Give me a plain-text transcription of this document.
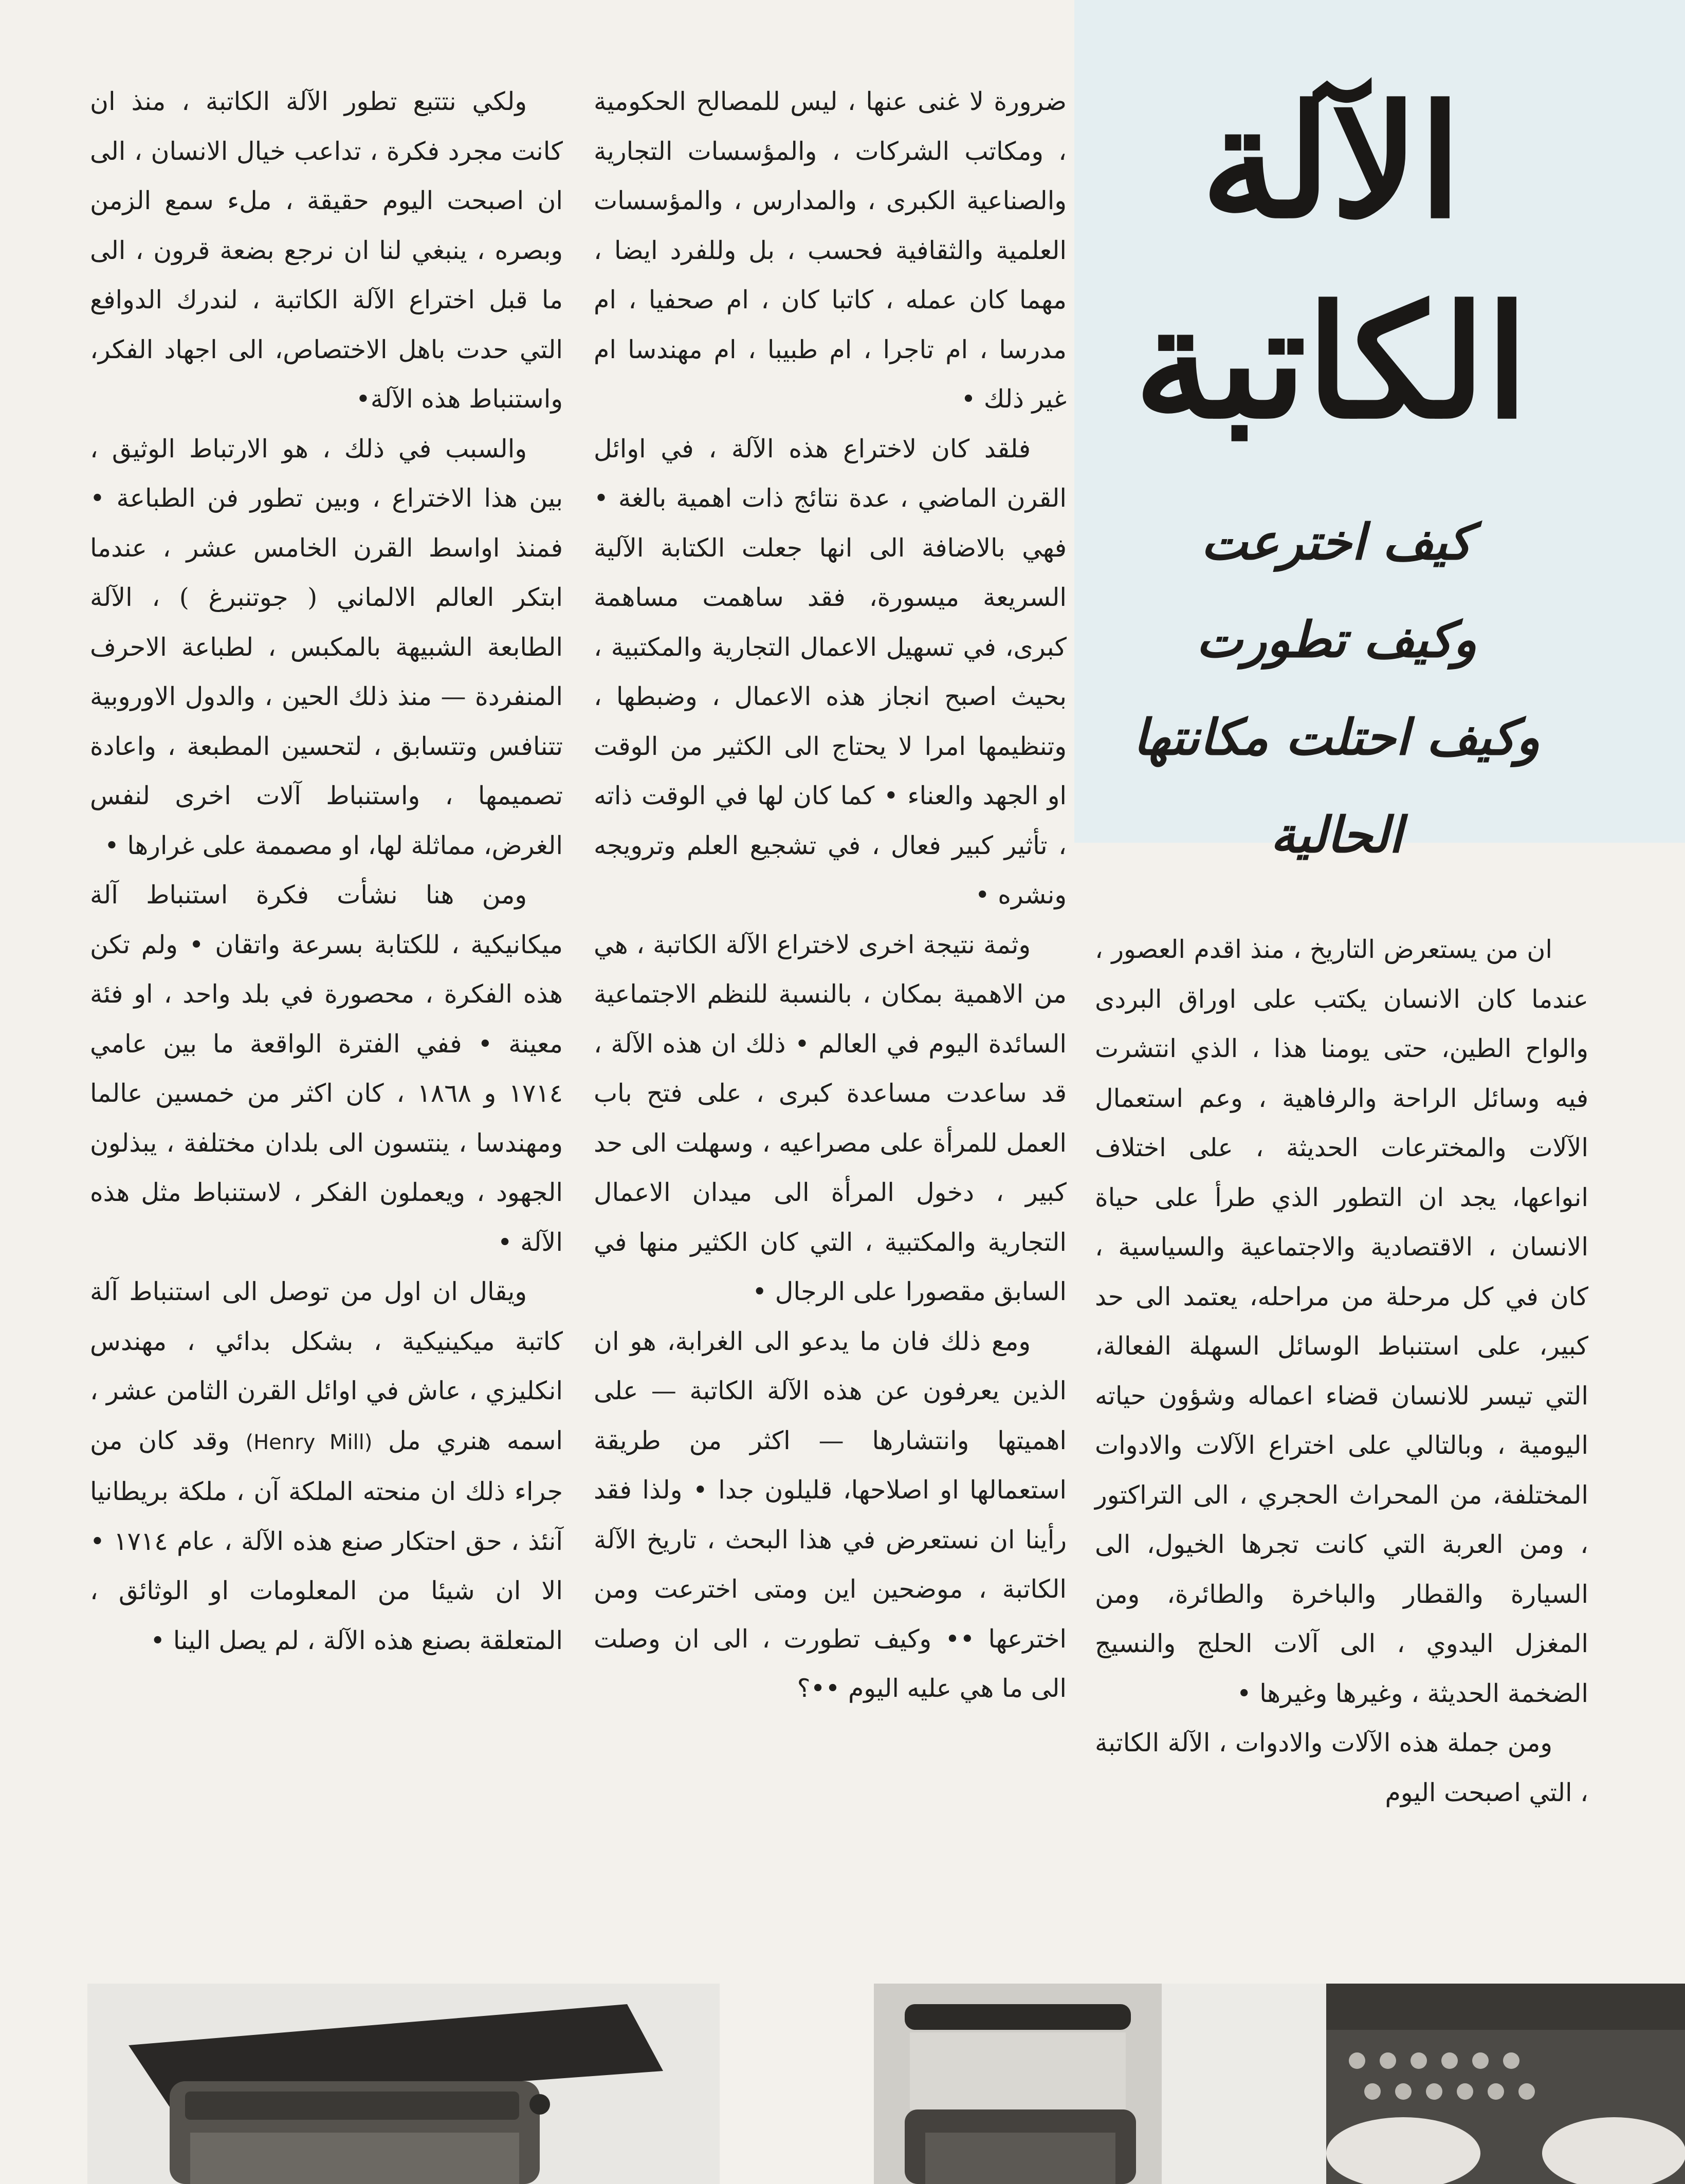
الآلة
الكاتبة
كيف اخترعت
وكيف تطورت
وكيف احتلت مكانتها الحالية

ان من يستعرض التاريخ ، منذ اقدم العصور ، عندما كان الانسان يكتب على اوراق البردى والواح الطين، حتى يومنا هذا ، الذي انتشرت فيه وسائل الراحة والرفاهية ، وعم استعمال الآلات والمخترعات الحديثة ، على اختلاف انواعها، يجد ان التطور الذي طرأ على حياة الانسان ، الاقتصادية والاجتماعية والسياسية ، كان في كل مرحلة من مراحله، يعتمد الى حد كبير، على استنباط الوسائل السهلة الفعالة، التي تيسر للانسان قضاء اعماله وشؤون حياته اليومية ، وبالتالي على اختراع الآلات والادوات المختلفة، من المحراث الحجري ، الى التراكتور ، ومن العربة التي كانت تجرها الخيول، الى السيارة والقطار والباخرة والطائرة، ومن المغزل اليدوي ، الى آلات الحلج والنسيج الضخمة الحديثة ، وغيرها وغيرها •

ومن جملة هذه الآلات والادوات ، الآلة الكاتبة ، التي اصبحت اليوم

ضرورة لا غنى عنها ، ليس للمصالح الحكومية ، ومكاتب الشركات ، والمؤسسات التجارية والصناعية الكبرى ، والمدارس ، والمؤسسات العلمية والثقافية فحسب ، بل وللفرد ايضا ، مهما كان عمله ، كاتبا كان ، ام صحفيا ، ام مدرسا ، ام تاجرا ، ام طبيبا ، ام مهندسا ام غير ذلك •

فلقد كان لاختراع هذه الآلة ، في اوائل القرن الماضي ، عدة نتائج ذات اهمية بالغة • فهي بالاضافة الى انها جعلت الكتابة الآلية السريعة ميسورة، فقد ساهمت مساهمة كبرى، في تسهيل الاعمال التجارية والمكتبية ، بحيث اصبح انجاز هذه الاعمال ، وضبطها ، وتنظيمها امرا لا يحتاج الى الكثير من الوقت او الجهد والعناء • كما كان لها في الوقت ذاته ، تأثير كبير فعال ، في تشجيع العلم وترويجه ونشره •

وثمة نتيجة اخرى لاختراع الآلة الكاتبة ، هي من الاهمية بمكان ، بالنسبة للنظم الاجتماعية السائدة اليوم في العالم • ذلك ان هذه الآلة ، قد ساعدت مساعدة كبرى ، على فتح باب العمل للمرأة على مصراعيه ، وسهلت الى حد كبير ، دخول المرأة الى ميدان الاعمال التجارية والمكتبية ، التي كان الكثير منها في السابق مقصورا على الرجال •

ومع ذلك فان ما يدعو الى الغرابة، هو ان الذين يعرفون عن هذه الآلة الكاتبة — على اهميتها وانتشارها — اكثر من طريقة استعمالها او اصلاحها، قليلون جدا • ولذا فقد رأينا ان نستعرض في هذا البحث ، تاريخ الآلة الكاتبة ، موضحين اين ومتى اخترعت ومن اخترعها •• وكيف تطورت ، الى ان وصلت الى ما هي عليه اليوم ••؟

ولكي نتتبع تطور الآلة الكاتبة ، منذ ان كانت مجرد فكرة ، تداعب خيال الانسان ، الى ان اصبحت اليوم حقيقة ، ملء سمع الزمن وبصره ، ينبغي لنا ان نرجع بضعة قرون ، الى ما قبل اختراع الآلة الكاتبة ، لندرك الدوافع التي حدت باهل الاختصاص، الى اجهاد الفكر، واستنباط هذه الآلة•

والسبب في ذلك ، هو الارتباط الوثيق ، بين هذا الاختراع ، وبين تطور فن الطباعة • فمنذ اواسط القرن الخامس عشر ، عندما ابتكر العالم الالماني ( جوتنبرغ ) ، الآلة الطابعة الشبيهة بالمكبس ، لطباعة الاحرف المنفردة — منذ ذلك الحين ، والدول الاوروبية تتنافس وتتسابق ، لتحسين المطبعة ، واعادة تصميمها ، واستنباط آلات اخرى لنفس الغرض، مماثلة لها، او مصممة على غرارها •

ومن هنا نشأت فكرة استنباط آلة ميكانيكية ، للكتابة بسرعة واتقان • ولم تكن هذه الفكرة ، محصورة في بلد واحد ، او فئة معينة • ففي الفترة الواقعة ما بين عامي ١٧١٤ و ١٨٦٨ ، كان اكثر من خمسين عالما ومهندسا ، ينتسون الى بلدان مختلفة ، يبذلون الجهود ، ويعملون الفكر ، لاستنباط مثل هذه الآلة •

ويقال ان اول من توصل الى استنباط آلة كاتبة ميكينيكية ، بشكل بدائي ، مهندس انكليزي ، عاش في اوائل القرن الثامن عشر ، اسمه هنري مل (Henry Mill) وقد كان من جراء ذلك ان منحته الملكة آن ، ملكة بريطانيا آنئذ ، حق احتكار صنع هذه الآلة ، عام ١٧١٤ • الا ان شيئا من المعلومات او الوثائق ، المتعلقة بصنع هذه الآلة ، لم يصل الينا •
